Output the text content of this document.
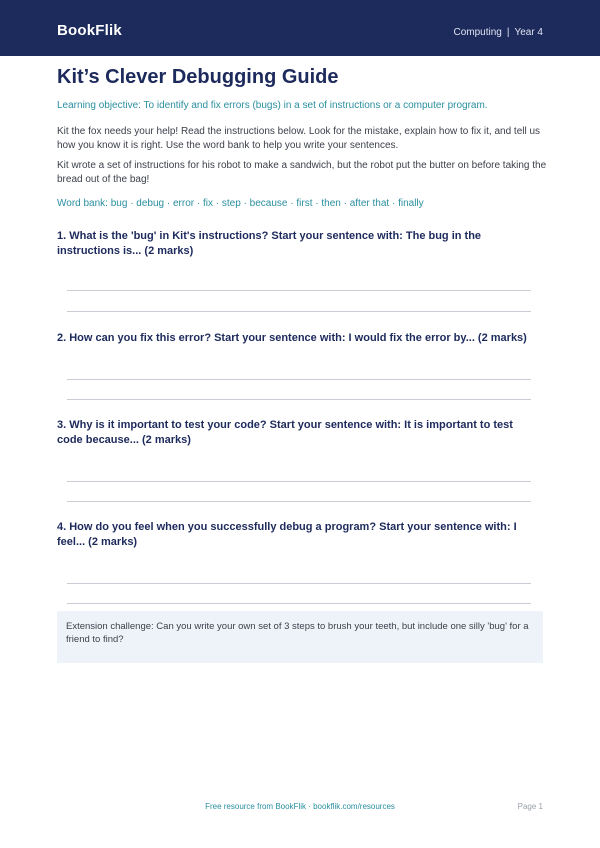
BookFlik	Computing | Year 4
Kit’s Clever Debugging Guide

Learning objective: To identify and fix errors (bugs) in a set of instructions or a computer program.

Kit the fox needs your help! Read the instructions below. Look for the mistake, explain how to fix it, and tell us how you know it is right. Use the word bank to help you write your sentences.

Kit wrote a set of instructions for his robot to make a sandwich, but the robot put the butter on before taking the bread out of the bag!

Word bank: bug · debug · error · fix · step · because · first · then · after that · finally

1. What is the 'bug' in Kit's instructions? Start your sentence with: The bug in the instructions is... (2 marks)

2. How can you fix this error? Start your sentence with: I would fix the error by... (2 marks)

3. Why is it important to test your code? Start your sentence with: It is important to test code because... (2 marks)

4. How do you feel when you successfully debug a program? Start your sentence with: I feel... (2 marks)

Extension challenge: Can you write your own set of 3 steps to brush your teeth, but include one silly 'bug' for a friend to find?

Free resource from BookFlik · bookflik.com/resources	Page 1
